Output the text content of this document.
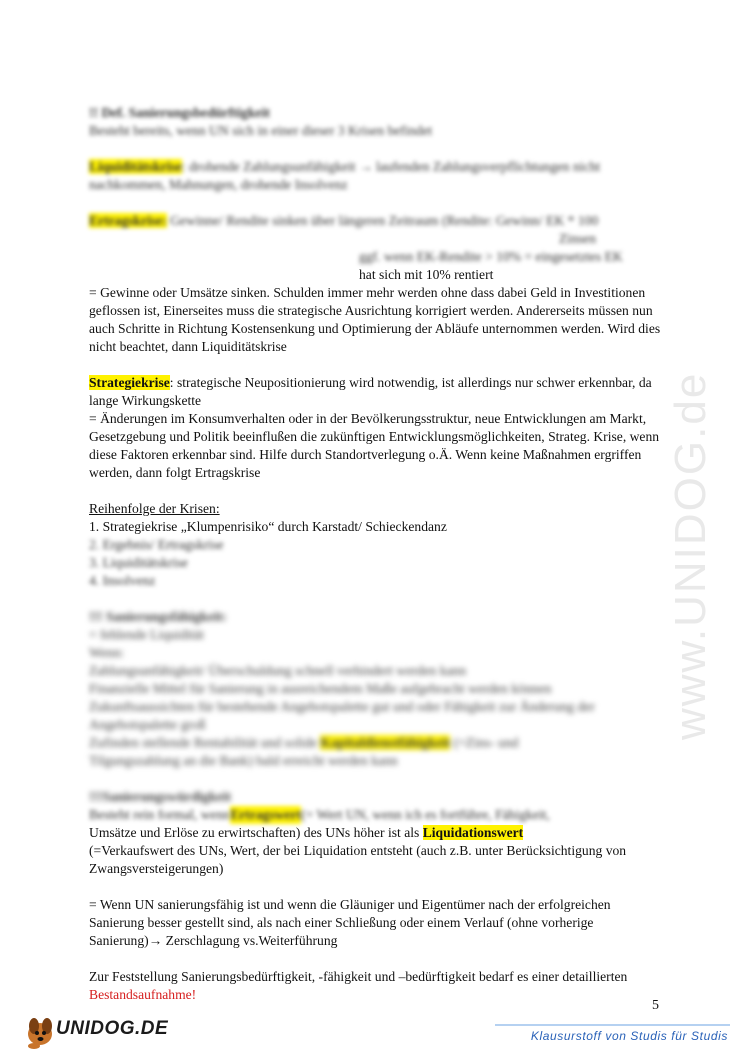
www.UNIDOG.de

!! Def. Sanierungsbedürftigkeit

Besteht bereits, wenn UN sich in einer dieser 3 Krisen befindet

Liquiditätskrise: drohende Zahlungsunfähigkeit → laufenden Zahlungsverpflichtungen nicht

nachkommen, Mahnungen, drohende Insolvenz

Ertragskrise: Gewinne/ Rendite sinken über längeren Zeitraum (Rendite: Gewinn/ EK * 100

Zinsen

ggf. wenn EK-Rendite > 10% = eingesetztes EK

hat sich mit 10% rentiert

= Gewinne oder Umsätze sinken. Schulden immer mehr werden ohne dass dabei Geld in Investitionen geflossen ist, Einerseites muss die strategische Ausrichtung korrigiert werden. Andererseits müssen nun auch Schritte in Richtung Kostensenkung und Optimierung der Abläufe unternommen werden. Wird dies nicht beachtet, dann Liquiditätskrise

Strategiekrise: strategische Neupositionierung wird notwendig, ist allerdings nur schwer erkennbar, da lange Wirkungskette

= Änderungen im Konsumverhalten oder in der Bevölkerungsstruktur, neue Entwicklungen am Markt, Gesetzgebung und Politik beeinflußen die zukünftigen Entwicklungsmöglichkeiten, Strateg. Krise, wenn diese Faktoren erkennbar sind. Hilfe durch Standortverlegung o.Ä. Wenn keine Maßnahmen ergriffen werden, dann folgt Ertragskrise

Reihenfolge der Krisen:

1. Strategiekrise „Klumpenrisiko“ durch Karstadt/ Schieckendanz

2. Ergebnis/ Ertragskrise

3. Liquiditätskrise

4. Insolvenz

!!! Sanierungsfähigkeit:

= fehlende Liquidität

Wenn:

Zahlungsunfähigkeit/ Überschuldung schnell verhindert werden kann

Finanzielle Mittel für Sanierung in ausreichendem Maße aufgebracht werden können

Zukunftsaussichten für bestehende Angebotspalette gut und oder Fähigkeit zur Änderung der Angebotspalette groß

Zufinden stellende Rentabilität und solide Kapitaldienstfähigkeit (=Zins- und

Tilgungszahlung an die Bank) bald erreicht werden kann

!!!Sanierungswürdigkeit

Besteht rein formal, wennErtragswert(= Wert UN, wenn ich es fortführe, Fähigkeit,

Umsätze und Erlöse zu erwirtschaften) des UNs höher ist als Liquidationswert

(=Verkaufswert des UNs, Wert, der bei Liquidation entsteht (auch z.B. unter Berücksichtigung von Zwangsversteigerungen)

= Wenn UN sanierungsfähig ist und wenn die Gläuniger und Eigentümer nach der erfolgreichen Sanierung besser gestellt sind, als nach einer Schließung oder einem Verlauf (ohne vorherige Sanierung)→ Zerschlagung vs.Weiterführung

Zur Feststellung Sanierungsbedürftigkeit, -fähigkeit und –bedürftigkeit bedarf es einer detaillierten Bestandsaufnahme!

5
UNIDOG.DE	Klausurstoff von Studis für Studis
